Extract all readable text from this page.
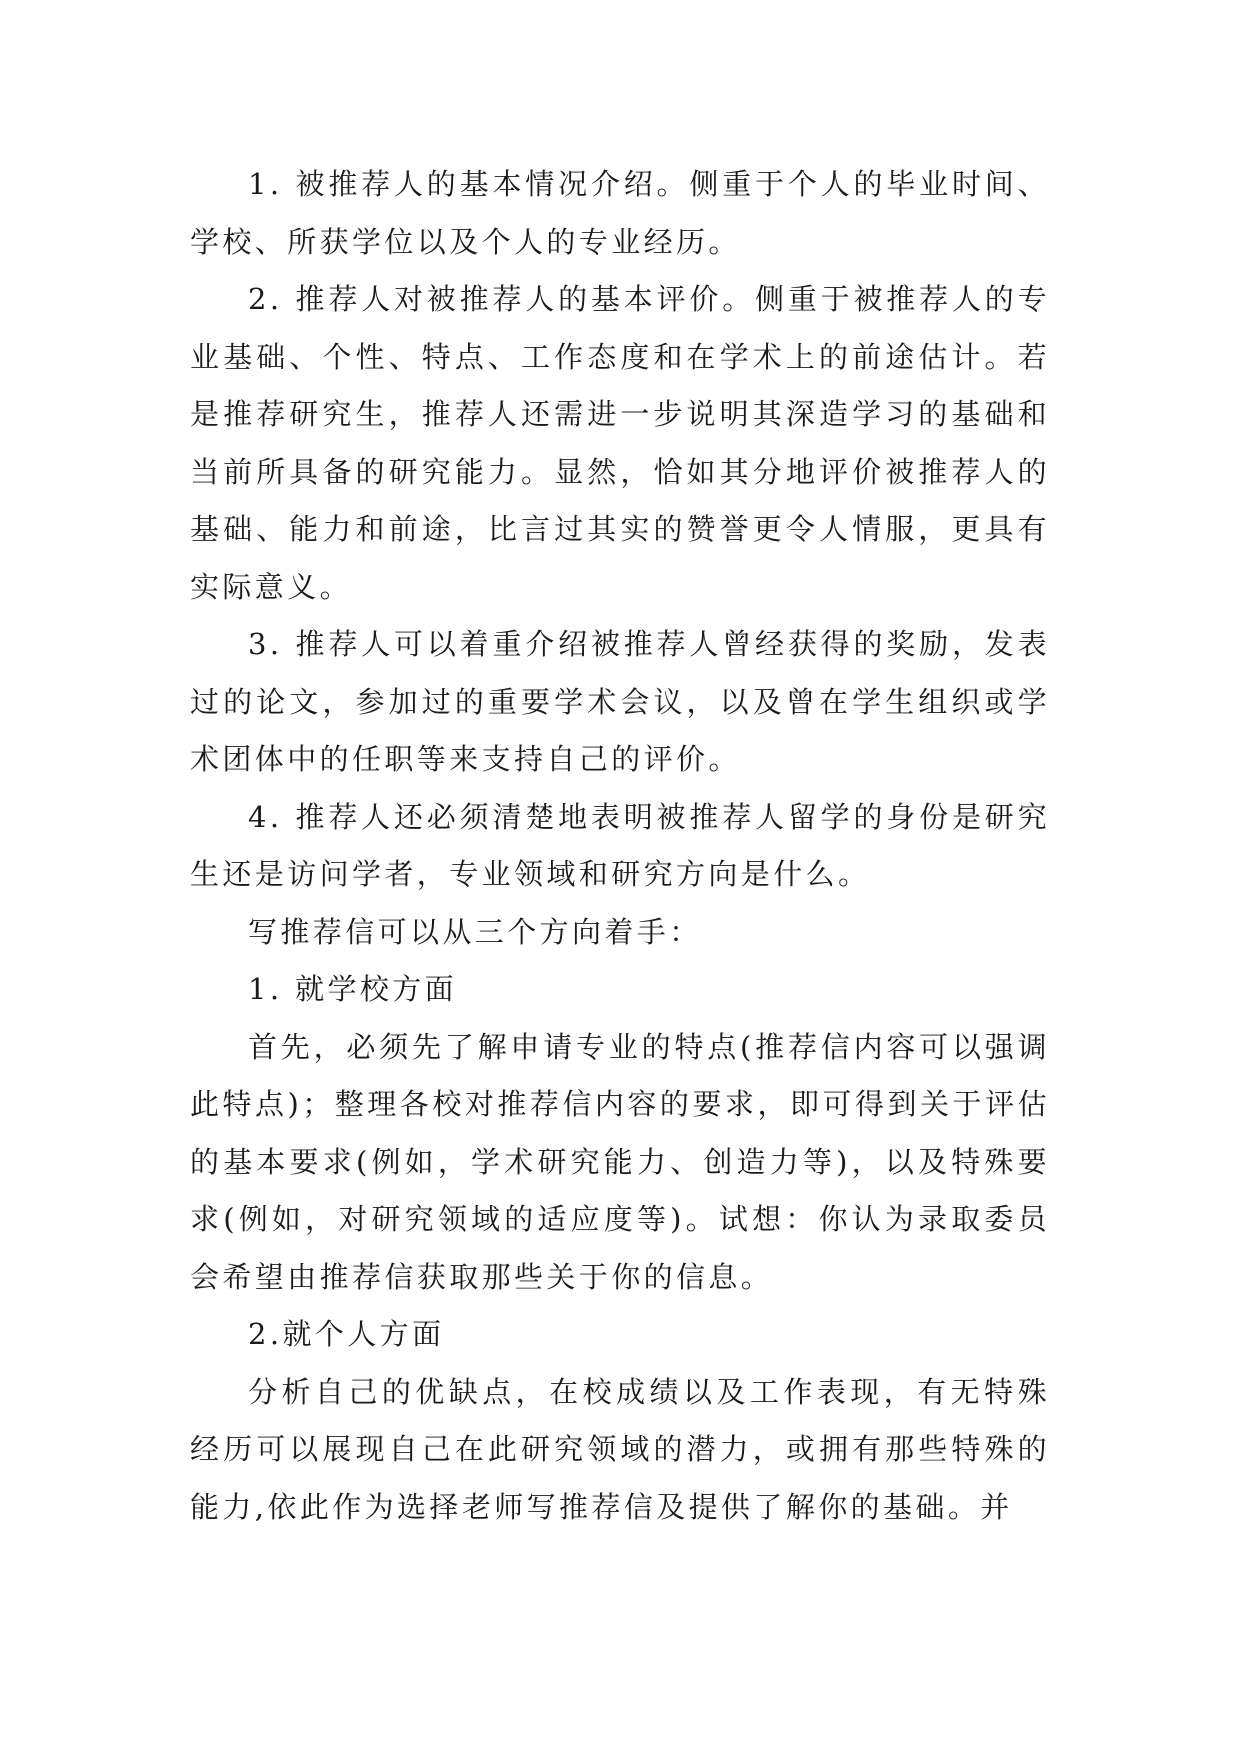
1. 被推荐人的基本情况介绍。侧重于个人的毕业时间、学校、所获学位以及个人的专业经历。

2. 推荐人对被推荐人的基本评价。侧重于被推荐人的专业基础、个性、特点、工作态度和在学术上的前途估计。若是推荐研究生，推荐人还需进一步说明其深造学习的基础和当前所具备的研究能力。显然，恰如其分地评价被推荐人的基础、能力和前途，比言过其实的赞誉更令人情服，更具有实际意义。

3. 推荐人可以着重介绍被推荐人曾经获得的奖励，发表过的论文，参加过的重要学术会议，以及曾在学生组织或学术团体中的任职等来支持自己的评价。

4. 推荐人还必须清楚地表明被推荐人留学的身份是研究生还是访问学者，专业领域和研究方向是什么。

写推荐信可以从三个方向着手：

1. 就学校方面

首先，必须先了解申请专业的特点(推荐信内容可以强调此特点)；整理各校对推荐信内容的要求，即可得到关于评估的基本要求(例如，学术研究能力、创造力等)，以及特殊要求(例如，对研究领域的适应度等)。试想：你认为录取委员会希望由推荐信获取那些关于你的信息。

2.就个人方面

分析自己的优缺点，在校成绩以及工作表现，有无特殊经历可以展现自己在此研究领域的潜力，或拥有那些特殊的能力,依此作为选择老师写推荐信及提供了解你的基础。并
